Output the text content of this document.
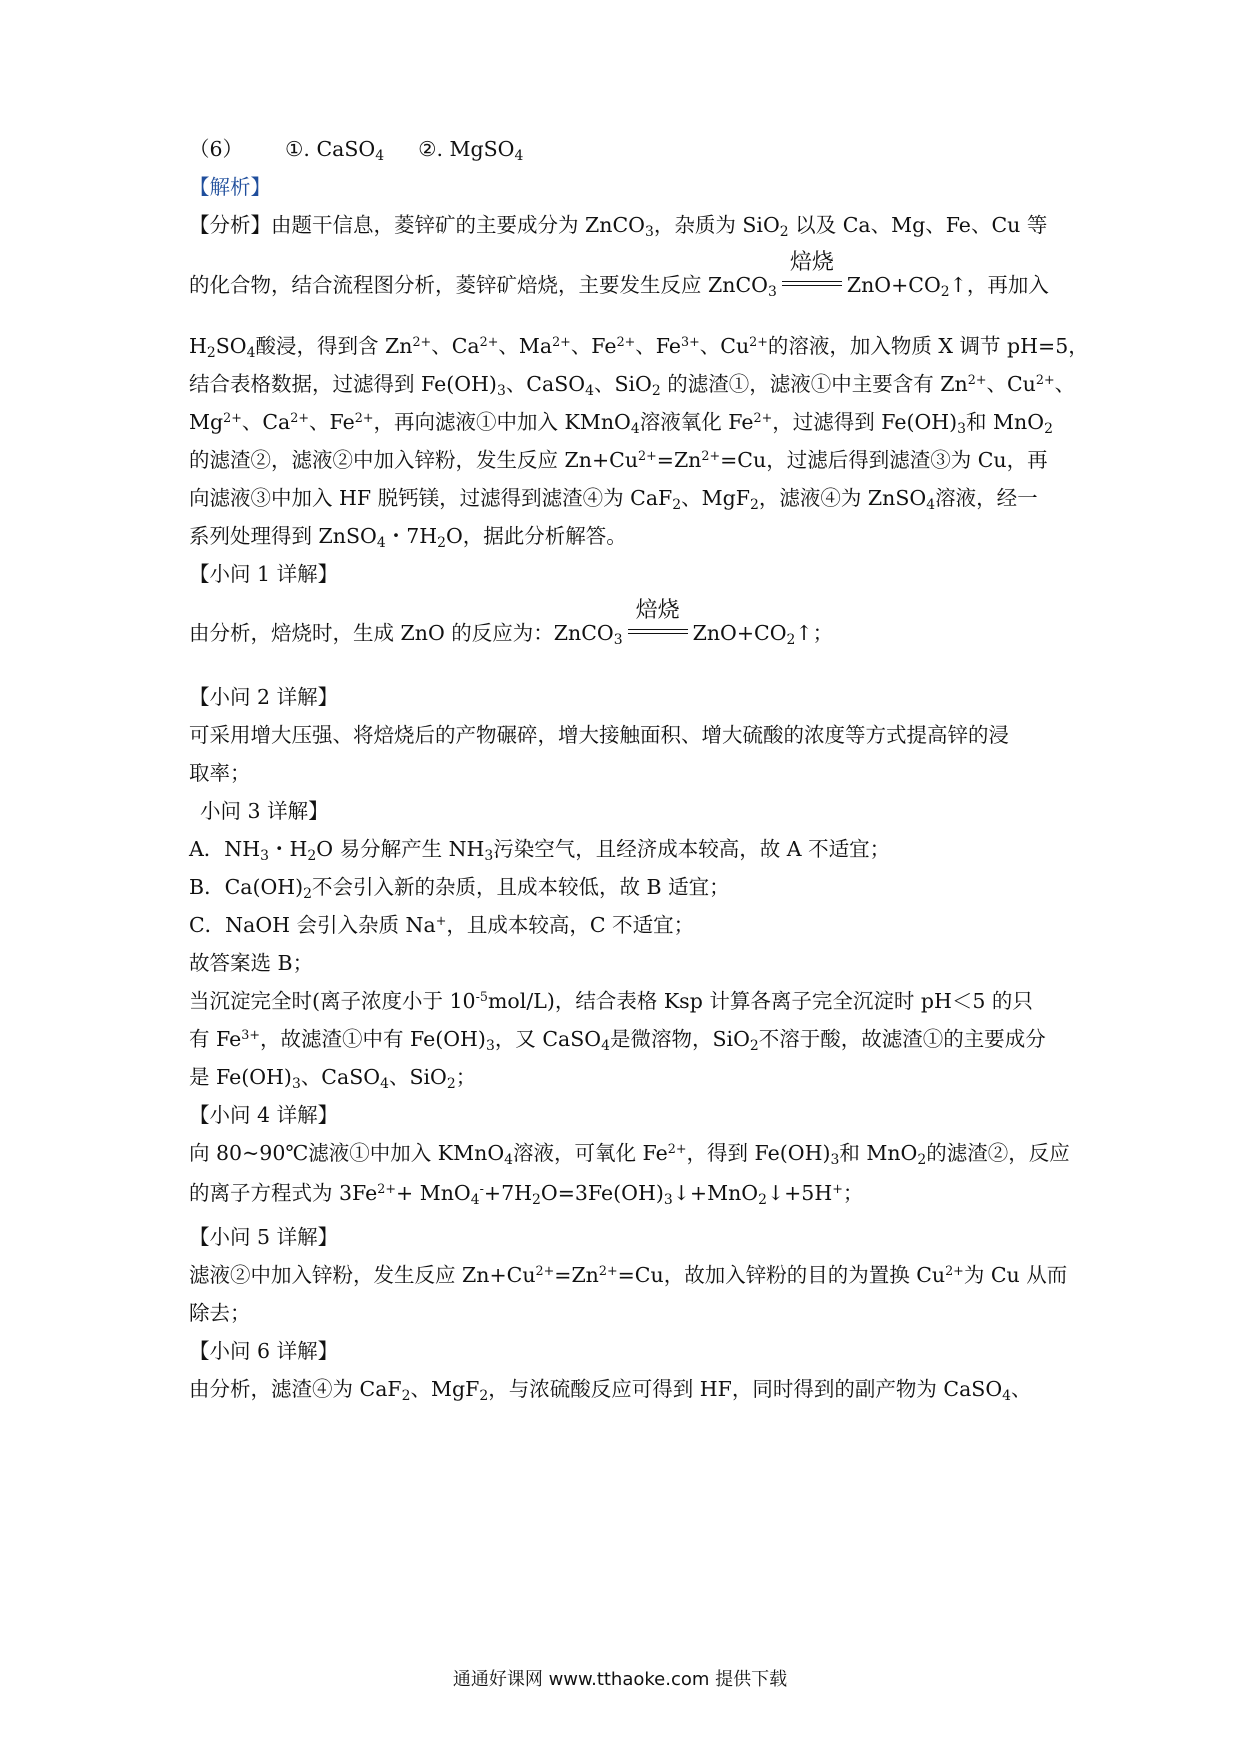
（6） ①. CaSO$_4$ ②. MgSO$_4$
【解析】
【分析】由题干信息，菱锌矿的主要成分为 ZnCO$_3$，杂质为 SiO$_2$ 以及 Ca、Mg、Fe、Cu 等
的化合物，结合流程图分析，菱锌矿焙烧，主要发生反应 ZnCO$_3$
焙烧
$ZnO+CO_2↑$，再加入
$H_2SO_4$酸浸，得到含 $Zn^{2+}$、$Ca^{2+}$、$Ma^{2+}$、$Fe^{2+}$、$Fe^{3+}$、$Cu^{2+}$的溶液，加入物质 X 调节 pH=5，
结合表格数据，过滤得到 $Fe(OH)_3$、CaSO$_4$、SiO$_2$ 的滤渣①，滤液①中主要含有 $Zn^{2+}$、$Cu^{2+}$、
$Mg^{2+}$、$Ca^{2+}$、$Fe^{2+}$，再向滤液①中加入 KMnO$_4$溶液氧化 $Fe^{2+}$，过滤得到 $Fe(OH)_3$和 MnO$_2$
的滤渣②，滤液②中加入锌粉，发生反应 $Zn+Cu^{2+}=Zn^{2+}=Cu$，过滤后得到滤渣③为 Cu，再
向滤液③中加入 HF 脱钙镁，过滤得到滤渣④为 CaF$_2$、MgF$_2$，滤液④为 ZnSO$_4$溶液，经一
系列处理得到 ZnSO$_4$・$7H_2O$，据此分析解答。
【小问 1 详解】
由分析，焙烧时，生成 ZnO 的反应为：ZnCO$_3$
焙烧
$ZnO+CO_2↑$；
【小问 2 详解】
可采用增大压强、将焙烧后的产物碾碎，增大接触面积、增大硫酸的浓度等方式提高锌的浸
取率；
小问 3 详解】
A．$NH_3$・$H_2O$ 易分解产生 $NH_3$污染空气，且经济成本较高，故 A 不适宜；
B．$Ca(OH)_2$不会引入新的杂质，且成本较低，故 B 适宜；
C．NaOH 会引入杂质 Na+，且成本较高，C 不适宜；
故答案选 B；
当沉淀完全时(离子浓度小于 $10^{-5}mol/L$)，结合表格 Ksp 计算各离子完全沉淀时 pH＜5 的只
有 $Fe^{3+}$，故滤渣①中有 $Fe(OH)_3$，又 CaSO$_4$是微溶物，SiO$_2$不溶于酸，故滤渣①的主要成分
是 $Fe(OH)_3$、CaSO$_4$、SiO$_2$；
【小问 4 详解】
向 80~90℃滤液①中加入 KMnO$_4$溶液，可氧化 $Fe^{2+}$，得到 $Fe(OH)_3$和 MnO$_2$的滤渣②，反应
的离子方程式为 $3Fe^{2+}+$ $MnO_4^-+7H_2O=3Fe(OH)_3↓+MnO_2↓+5H^+$；
【小问 5 详解】
滤液②中加入锌粉，发生反应 $Zn+Cu^{2+}=Zn^{2+}=Cu$，故加入锌粉的目的为置换 $Cu^{2+}$为 Cu 从而
除去；
【小问 6 详解】
由分析，滤渣④为 CaF$_2$、MgF$_2$，与浓硫酸反应可得到 HF，同时得到的副产物为 CaSO$_4$、
通通好课网 www.tthaoke.com 提供下载
